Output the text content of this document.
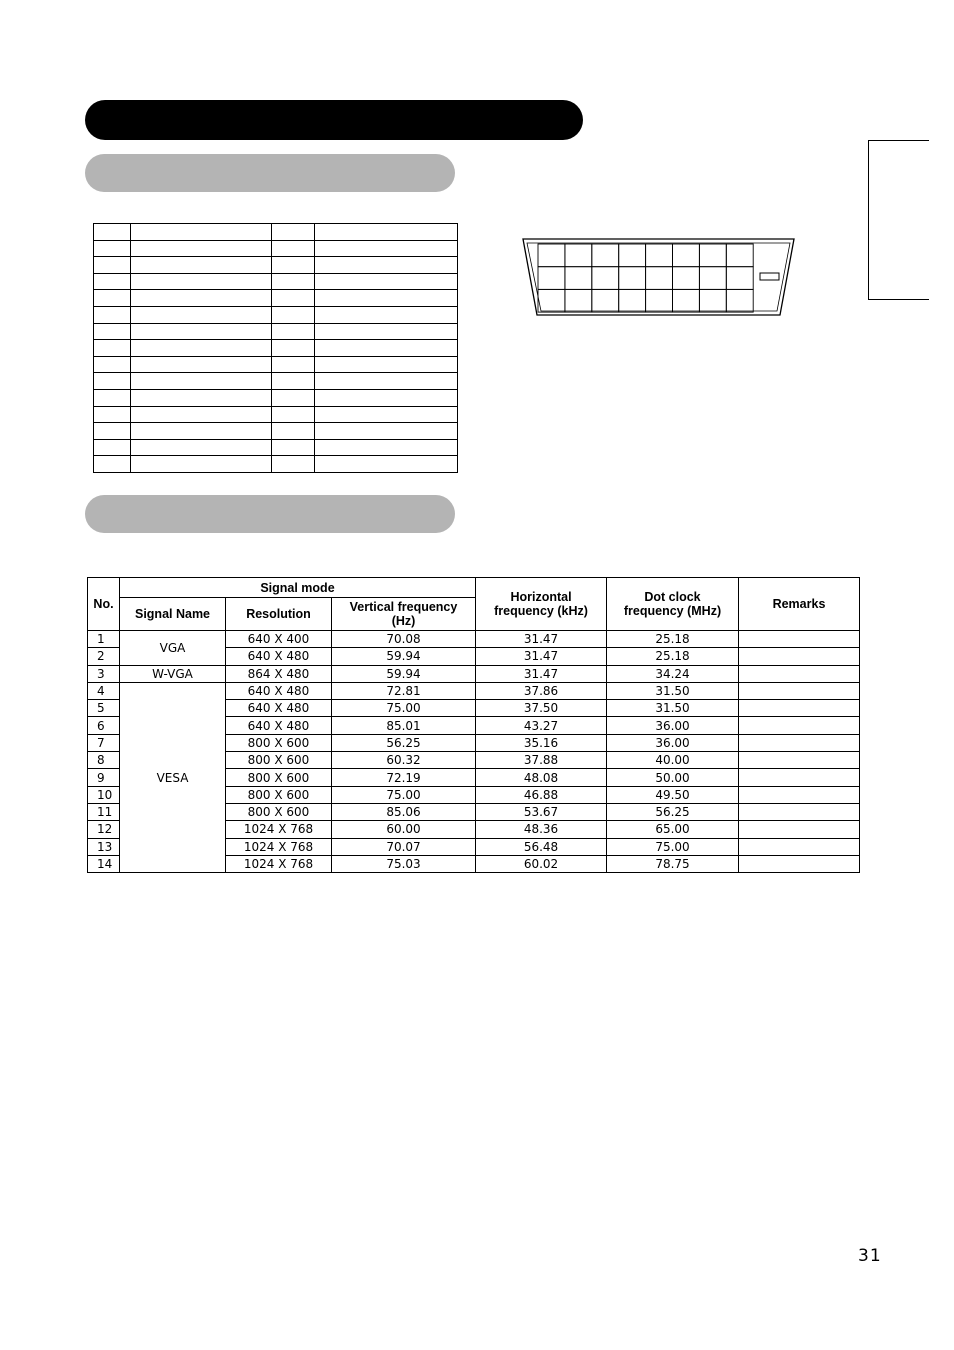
No.	Signal mode			Horizontal frequency (kHz)	Dot clock frequency (MHz)	Remarks
	Signal Name	Resolution	Vertical frequency (Hz)			
1	VGA	640 X 400	70.08	31.47	25.18	
2		640 X 480	59.94	31.47	25.18	
3	W-VGA	864 X 480	59.94	31.47	34.24	
4	VESA	640 X 480	72.81	37.86	31.50	
5		640 X 480	75.00	37.50	31.50	
6		640 X 480	85.01	43.27	36.00	
7		800 X 600	56.25	35.16	36.00	
8		800 X 600	60.32	37.88	40.00	
9		800 X 600	72.19	48.08	50.00	
10		800 X 600	75.00	46.88	49.50	
11		800 X 600	85.06	53.67	56.25	
12		1024 X 768	60.00	48.36	65.00	
13		1024 X 768	70.07	56.48	75.00	
14		1024 X 768	75.03	60.02	78.75	
31
